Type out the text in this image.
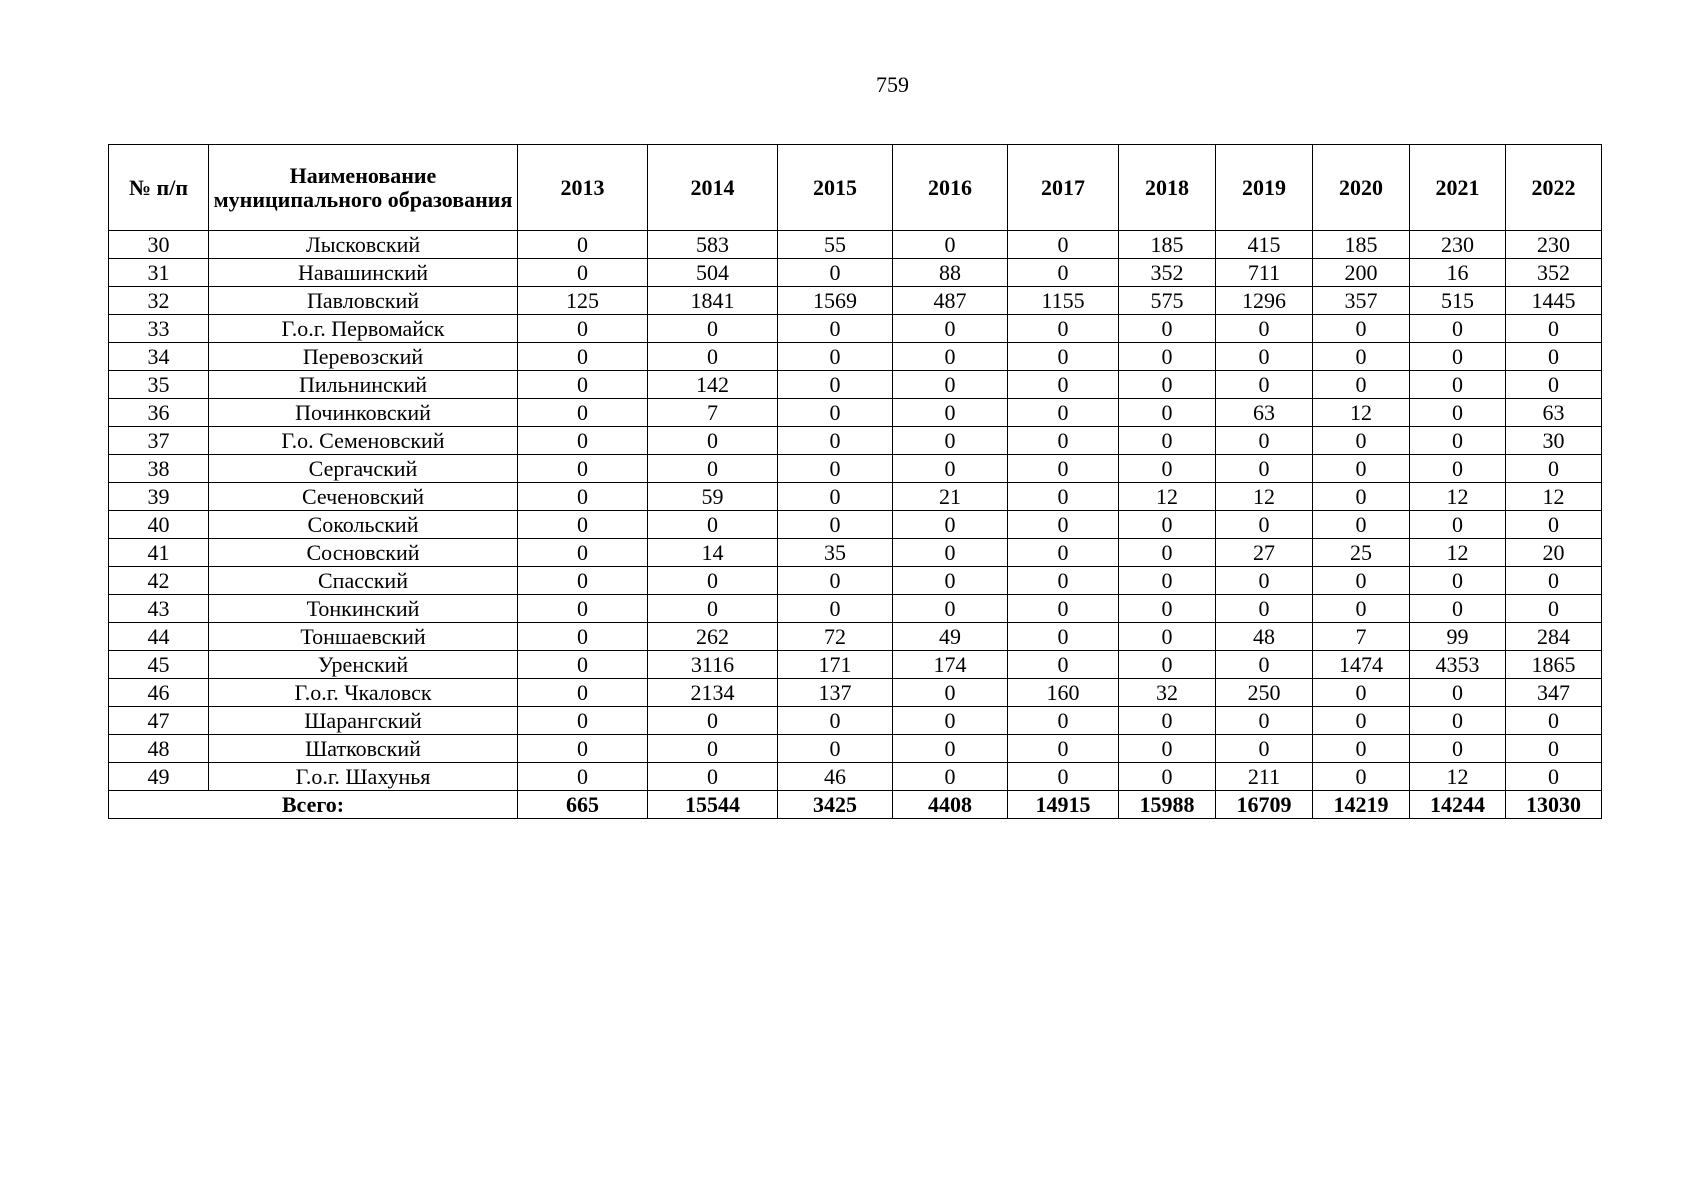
759
№ п/п	Наименование муниципального образования	2013	2014	2015	2016	2017	2018	2019	2020	2021	2022
30	Лысковский	0	583	55	0	0	185	415	185	230	230
31	Навашинский	0	504	0	88	0	352	711	200	16	352
32	Павловский	125	1841	1569	487	1155	575	1296	357	515	1445
33	Г.о.г. Первомайск	0	0	0	0	0	0	0	0	0	0
34	Перевозский	0	0	0	0	0	0	0	0	0	0
35	Пильнинский	0	142	0	0	0	0	0	0	0	0
36	Починковский	0	7	0	0	0	0	63	12	0	63
37	Г.о. Семеновский	0	0	0	0	0	0	0	0	0	30
38	Сергачский	0	0	0	0	0	0	0	0	0	0
39	Сеченовский	0	59	0	21	0	12	12	0	12	12
40	Сокольский	0	0	0	0	0	0	0	0	0	0
41	Сосновский	0	14	35	0	0	0	27	25	12	20
42	Спасский	0	0	0	0	0	0	0	0	0	0
43	Тонкинский	0	0	0	0	0	0	0	0	0	0
44	Тоншаевский	0	262	72	49	0	0	48	7	99	284
45	Уренский	0	3116	171	174	0	0	0	1474	4353	1865
46	Г.о.г. Чкаловск	0	2134	137	0	160	32	250	0	0	347
47	Шарангский	0	0	0	0	0	0	0	0	0	0
48	Шатковский	0	0	0	0	0	0	0	0	0	0
49	Г.о.г. Шахунья	0	0	46	0	0	0	211	0	12	0
Всего:		665	15544	3425	4408	14915	15988	16709	14219	14244	13030
